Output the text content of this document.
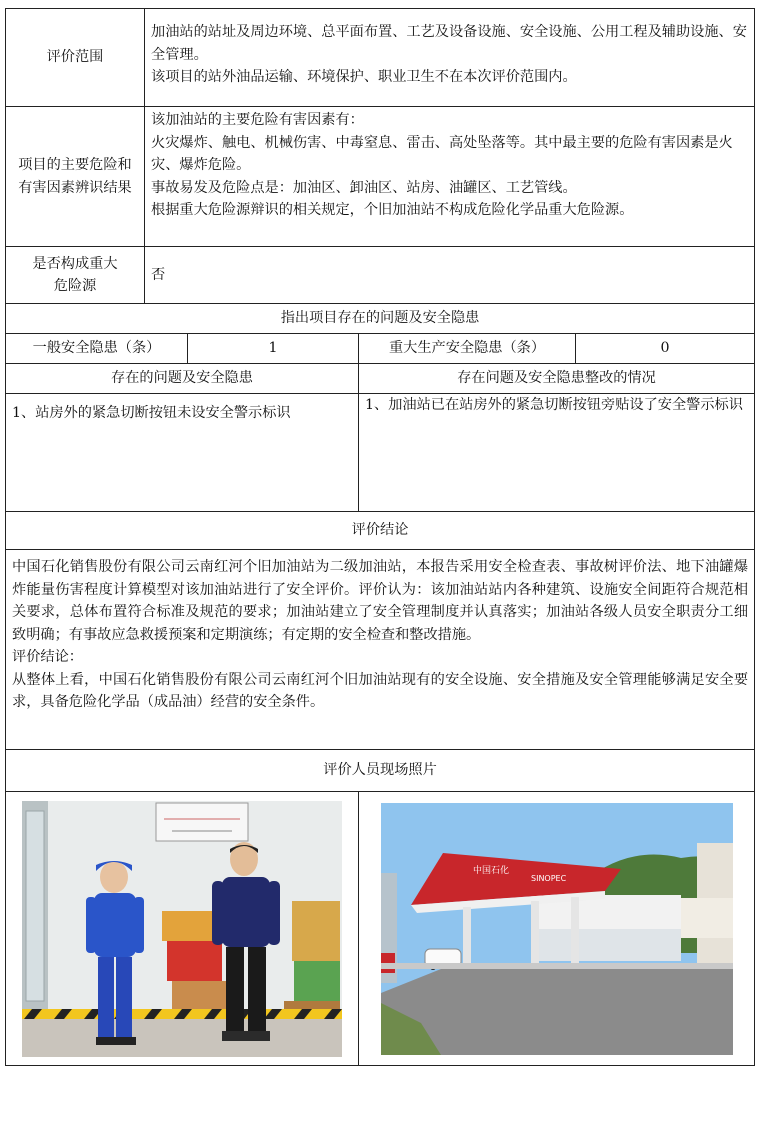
评价范围	加油站的站址及周边环境、总平面布置、工艺及设备设施、安全设施、公用工程及辅助设施、安全管理。
该项目的站外油品运输、环境保护、职业卫生不在本次评价范围内。			

项目的主要危险和有害因素辨识结果	该加油站的主要危险有害因素有：
火灾爆炸、触电、机械伤害、中毒窒息、雷击、高处坠落等。其中最主要的危险有害因素是火灾、爆炸危险。
事故易发及危险点是：加油区、卸油区、站房、油罐区、工艺管线。
根据重大危险源辩识的相关规定，个旧加油站不构成危险化学品重大危险源。			

是否构成重大危险源	否			
指出项目存在的问题及安全隐患				
一般安全隐患（条）		1	重大生产安全隐患（条）	0
存在的问题及安全隐患			存在问题及安全隐患整改的情况	
1、站房外的紧急切断按钮未设安全警示标识			1、加油站已在站房外的紧急切断按钮旁贴设了安全警示标识	
评价结论				

中国石化销售股份有限公司云南红河个旧加油站为二级加油站，本报告采用安全检查表、事故树评价法、地下油罐爆炸能量伤害程度计算模型对该加油站进行了安全评价。评价认为：该加油站站内各种建筑、设施安全间距符合规范相关要求，总体布置符合标准及规范的要求；加油站建立了安全管理制度并认真落实；加油站各级人员安全职责分工细致明确；有事故应急救援预案和定期演练；有定期的安全检查和整改措施。
评价结论：
从整体上看，中国石化销售股份有限公司云南红河个旧加油站现有的安全设施、安全措施及安全管理能够满足安全要求，具备危险化学品（成品油）经营的安全条件。				

评价人员现场照片				

中国石化
SINOPEC	
